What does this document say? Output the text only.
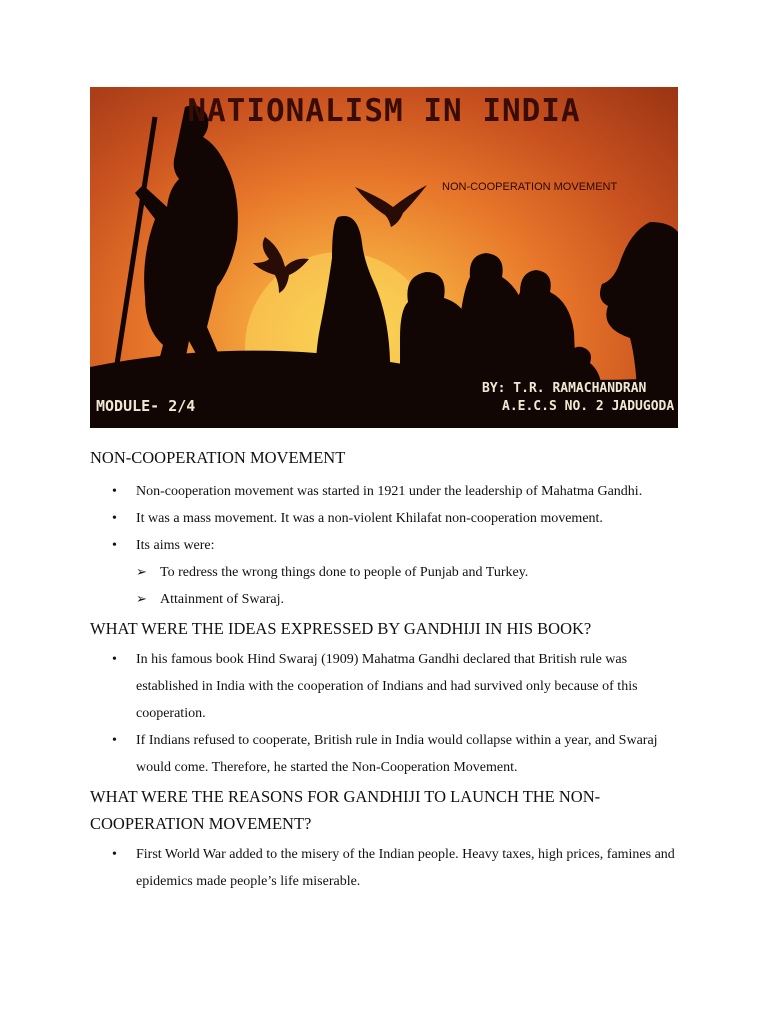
NATIONALISM IN INDIA
NON-COOPERATION MOVEMENT
MODULE- 2/4
BY: T.R. RAMACHANDRAN
A.E.C.S NO. 2 JADUGODA
NON-COOPERATION MOVEMENT
• Non-cooperation movement was started in 1921 under the leadership of Mahatma Gandhi.
• It was a mass movement. It was a non-violent Khilafat non-cooperation movement.
• Its aims were:
➢ To redress the wrong things done to people of Punjab and Turkey.
➢ Attainment of Swaraj.
WHAT WERE THE IDEAS EXPRESSED BY GANDHIJI IN HIS BOOK?
• In his famous book Hind Swaraj (1909) Mahatma Gandhi declared that British rule was established in India with the cooperation of Indians and had survived only because of this cooperation.
• If Indians refused to cooperate, British rule in India would collapse within a year, and Swaraj would come. Therefore, he started the Non-Cooperation Movement.
WHAT WERE THE REASONS FOR GANDHIJI TO LAUNCH THE NON-COOPERATION MOVEMENT?
• First World War added to the misery of the Indian people. Heavy taxes, high prices, famines and epidemics made people’s life miserable.
